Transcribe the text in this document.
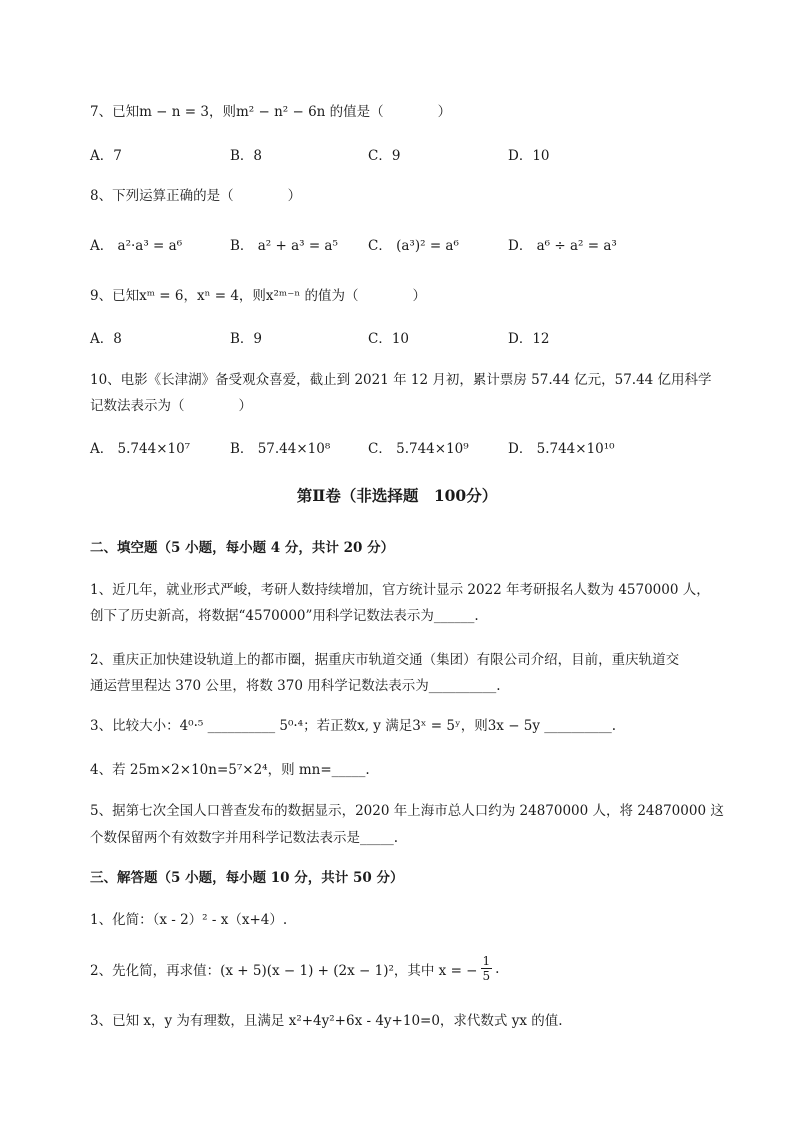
7、已知m − n = 3，则m² − n² − 6n 的值是（　　　　）
A．7	B．8	C．9	D．10
8、下列运算正确的是（　　　　）
A． a²·a³ = a⁶	B． a² + a³ = a⁵ C． (a³)² = a⁶	D． a⁶ ÷ a² = a³
9、已知xᵐ = 6，xⁿ = 4，则x²ᵐ⁻ⁿ 的值为（　　　　）
A．8	B．9	C．10	D．12
10、电影《长津湖》备受观众喜爱，截止到 2021 年 12 月初，累计票房 57.44 亿元，57.44 亿用科学
记数法表示为（　　　　）
A． 5.744×10⁷	B． 57.44×10⁸	C． 5.744×10⁹	D． 5.744×10¹⁰
第Ⅱ卷（非选择题　100分）
二、填空题（5 小题，每小题 4 分，共计 20 分）
1、近几年，就业形式严峻，考研人数持续增加，官方统计显示 2022 年考研报名人数为 4570000 人，
创下了历史新高，将数据“4570000”用科学记数法表示为______.
2、重庆正加快建设轨道上的都市圈，据重庆市轨道交通（集团）有限公司介绍，目前，重庆轨道交
通运营里程达 370 公里，将数 370 用科学记数法表示为__________.
3、比较大小：4⁰·⁵ __________ 5⁰·⁴；若正数x, y 满足3ˣ = 5ʸ，则3x − 5y __________.
4、若 25m×2×10n=5⁷×2⁴，则 mn=_____.
5、据第七次全国人口普查发布的数据显示，2020 年上海市总人口约为 24870000 人，将 24870000 这
个数保留两个有效数字并用科学记数法表示是_____.
三、解答题（5 小题，每小题 10 分，共计 50 分）
1、化简：（x - 2）² - x（x+4）.
2、先化简，再求值：(x + 5)(x − 1) + (2x − 1)²，其中 x = − $\frac{1}{5}$ .
3、已知 x，y 为有理数，且满足 x²+4y²+6x - 4y+10=0，求代数式 yx 的值.
